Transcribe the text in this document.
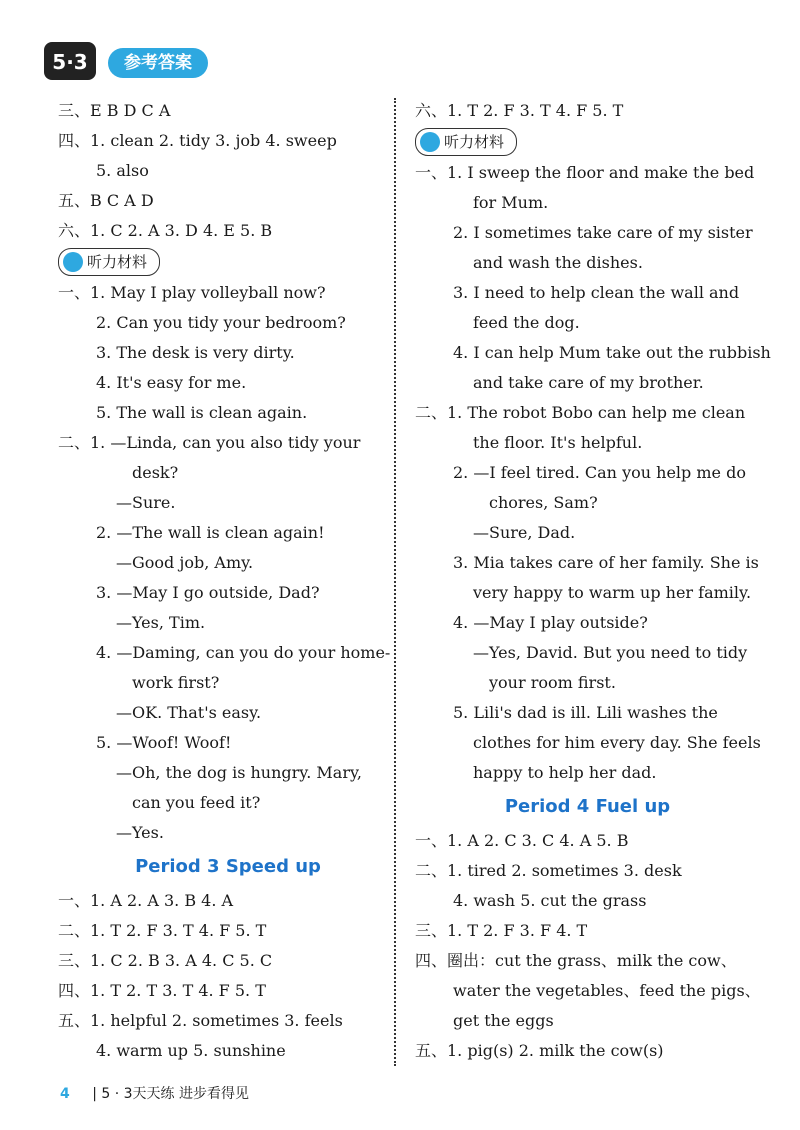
5·3	参考答案
三、E B D C A
四、1. clean 2. tidy 3. job 4. sweep
5. also
五、B C A D
六、1. C 2. A 3. D 4. E 5. B
听力材料
一、1. May I play volleyball now?
2. Can you tidy your bedroom?
3. The desk is very dirty.
4. It's easy for me.
5. The wall is clean again.
二、1. —Linda, can you also tidy your
desk?
—Sure.
2. —The wall is clean again!
—Good job, Amy.
3. —May I go outside, Dad?
—Yes, Tim.
4. —Daming, can you do your home-
work first?
—OK. That's easy.
5. —Woof! Woof!
—Oh, the dog is hungry. Mary,
can you feed it?
—Yes.
Period 3 Speed up
一、1. A 2. A 3. B 4. A
二、1. T 2. F 3. T 4. F 5. T
三、1. C 2. B 3. A 4. C 5. C
四、1. T 2. T 3. T 4. F 5. T
五、1. helpful 2. sometimes 3. feels
4. warm up 5. sunshine
六、1. T 2. F 3. T 4. F 5. T
听力材料
一、1. I sweep the floor and make the bed
for Mum.
2. I sometimes take care of my sister
and wash the dishes.
3. I need to help clean the wall and
feed the dog.
4. I can help Mum take out the rubbish
and take care of my brother.
二、1. The robot Bobo can help me clean
the floor. It's helpful.
2. —I feel tired. Can you help me do
chores, Sam?
—Sure, Dad.
3. Mia takes care of her family. She is
very happy to warm up her family.
4. —May I play outside?
—Yes, David. But you need to tidy
your room first.
5. Lili's dad is ill. Lili washes the
clothes for him every day. She feels
happy to help her dad.
Period 4 Fuel up
一、1. A 2. C 3. C 4. A 5. B
二、1. tired 2. sometimes 3. desk
4. wash 5. cut the grass
三、1. T 2. F 3. F 4. T
四、圈出：cut the grass、milk the cow、
water the vegetables、feed the pigs、
get the eggs
五、1. pig(s) 2. milk the cow(s)
4 | 5 · 3天天练 进步看得见
